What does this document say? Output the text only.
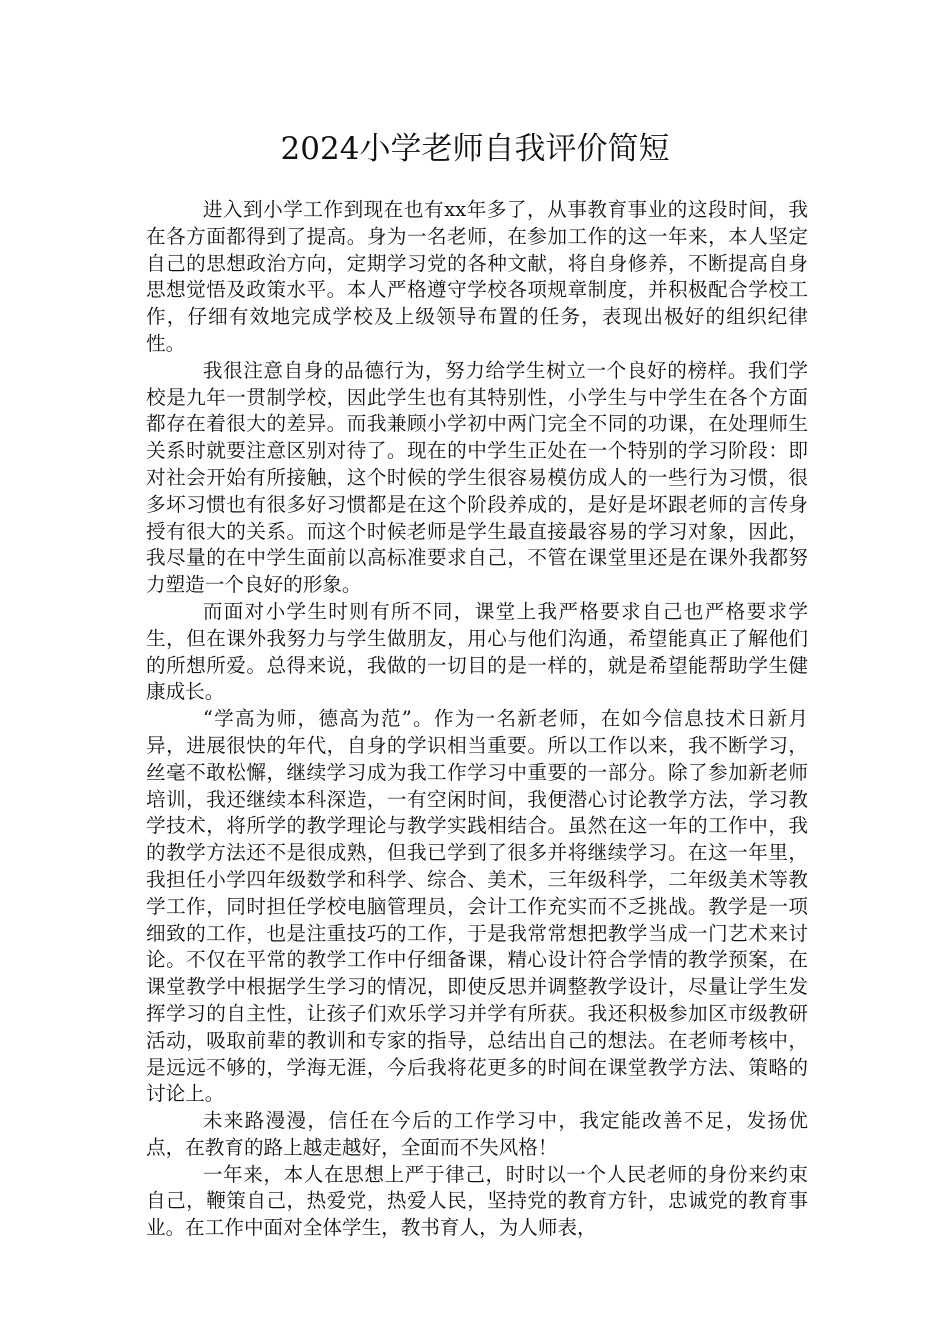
2024小学老师自我评价简短

进入到小学工作到现在也有xx年多了，从事教育事业的这段时间，我在各方面都得到了提高。身为一名老师，在参加工作的这一年来，本人坚定自己的思想政治方向，定期学习党的各种文献，将自身修养，不断提高自身思想觉悟及政策水平。本人严格遵守学校各项规章制度，并积极配合学校工作，仔细有效地完成学校及上级领导布置的任务，表现出极好的组织纪律性。

我很注意自身的品德行为，努力给学生树立一个良好的榜样。我们学校是九年一贯制学校，因此学生也有其特别性，小学生与中学生在各个方面都存在着很大的差异。而我兼顾小学初中两门完全不同的功课，在处理师生关系时就要注意区别对待了。现在的中学生正处在一个特别的学习阶段：即对社会开始有所接触，这个时候的学生很容易模仿成人的一些行为习惯，很多坏习惯也有很多好习惯都是在这个阶段养成的，是好是坏跟老师的言传身授有很大的关系。而这个时候老师是学生最直接最容易的学习对象，因此，我尽量的在中学生面前以高标准要求自己，不管在课堂里还是在课外我都努力塑造一个良好的形象。

而面对小学生时则有所不同，课堂上我严格要求自己也严格要求学生，但在课外我努力与学生做朋友，用心与他们沟通，希望能真正了解他们的所想所爱。总得来说，我做的一切目的是一样的，就是希望能帮助学生健康成长。

“学高为师，德高为范”。作为一名新老师，在如今信息技术日新月异，进展很快的年代，自身的学识相当重要。所以工作以来，我不断学习，丝毫不敢松懈，继续学习成为我工作学习中重要的一部分。除了参加新老师培训，我还继续本科深造，一有空闲时间，我便潜心讨论教学方法，学习教学技术，将所学的教学理论与教学实践相结合。虽然在这一年的工作中，我的教学方法还不是很成熟，但我已学到了很多并将继续学习。在这一年里，我担任小学四年级数学和科学、综合、美术，三年级科学，二年级美术等教学工作，同时担任学校电脑管理员，会计工作充实而不乏挑战。教学是一项细致的工作，也是注重技巧的工作，于是我常常想把教学当成一门艺术来讨论。不仅在平常的教学工作中仔细备课，精心设计符合学情的教学预案，在课堂教学中根据学生学习的情况，即使反思并调整教学设计，尽量让学生发挥学习的自主性，让孩子们欢乐学习并学有所获。我还积极参加区市级教研活动，吸取前辈的教训和专家的指导，总结出自己的想法。在老师考核中，是远远不够的，学海无涯，今后我将花更多的时间在课堂教学方法、策略的讨论上。

未来路漫漫，信任在今后的工作学习中，我定能改善不足，发扬优点，在教育的路上越走越好，全面而不失风格！

一年来，本人在思想上严于律己，时时以一个人民老师的身份来约束自己，鞭策自己，热爱党，热爱人民，坚持党的教育方针，忠诚党的教育事业。在工作中面对全体学生，教书育人，为人师表，
